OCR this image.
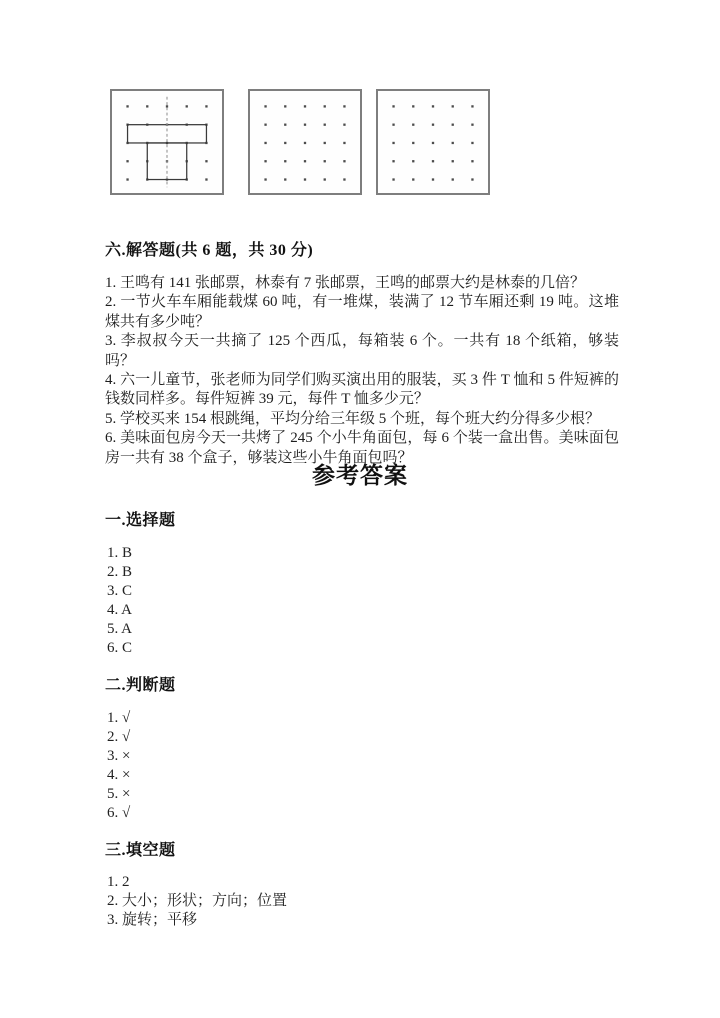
六.解答题(共 6 题，共 30 分)
1. 王鸣有 141 张邮票，林泰有 7 张邮票，王鸣的邮票大约是林泰的几倍？
2. 一节火车车厢能载煤 60 吨，有一堆煤，装满了 12 节车厢还剩 19 吨。这堆煤共有多少吨？
3. 李叔叔今天一共摘了 125 个西瓜，每箱装 6 个。一共有 18 个纸箱，够装吗？
4. 六一儿童节，张老师为同学们购买演出用的服装，买 3 件 T 恤和 5 件短裤的钱数同样多。每件短裤 39 元，每件 T 恤多少元？
5. 学校买来 154 根跳绳，平均分给三年级 5 个班，每个班大约分得多少根？
6. 美味面包房今天一共烤了 245 个小牛角面包，每 6 个装一盒出售。美味面包房一共有 38 个盒子，够装这些小牛角面包吗？
参考答案
一.选择题
1. B
2. B
3. C
4. A
5. A
6. C
二.判断题
1. √
2. √
3. ×
4. ×
5. ×
6. √
三.填空题
1. 2
2. 大小；形状；方向；位置
3. 旋转；平移
